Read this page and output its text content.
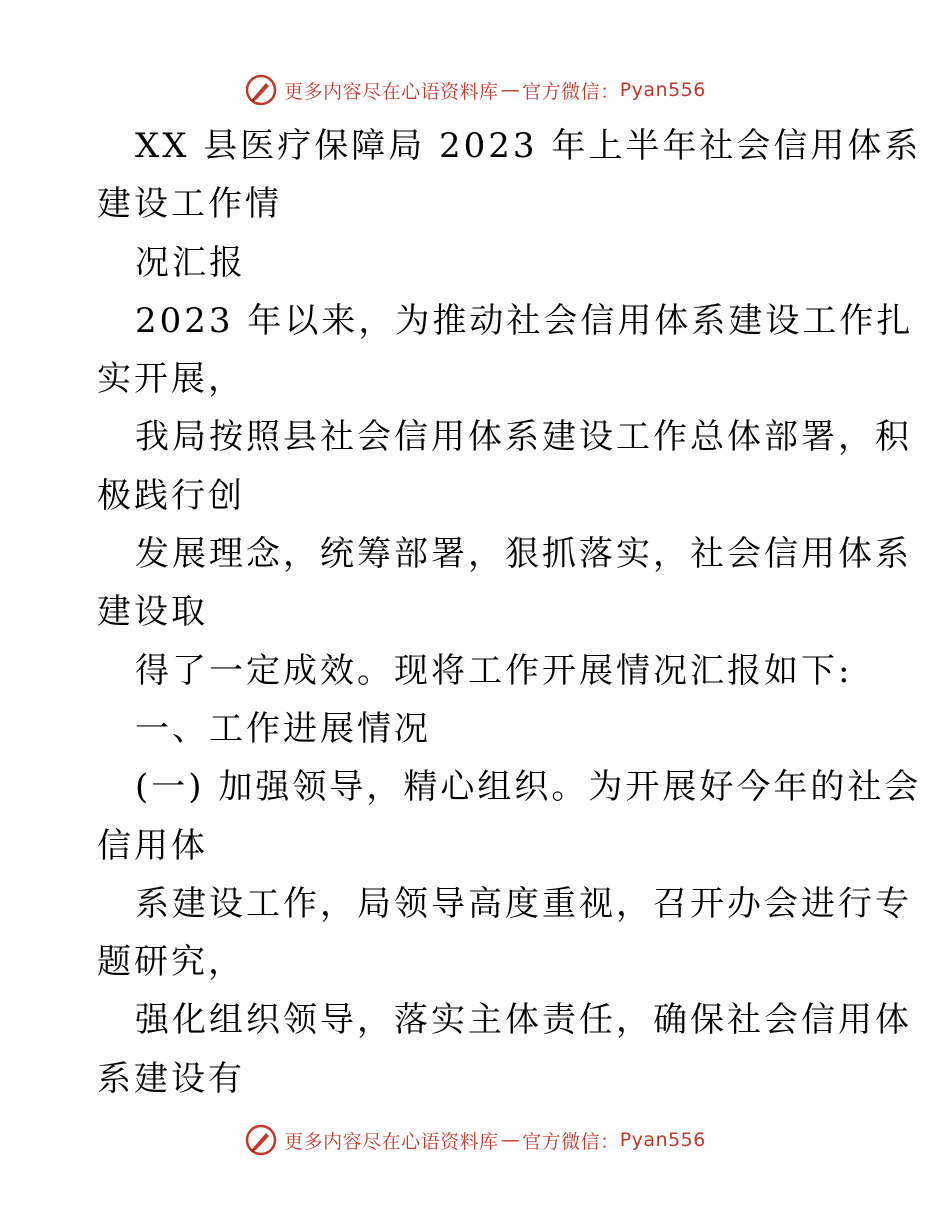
更多内容尽在心语资料库 — 官方微信： Pyan556
XX 县医疗保障局 2023 年上半年社会信用体系
建设工作情
况汇报
2023 年以来，为推动社会信用体系建设工作扎
实开展，
我局按照县社会信用体系建设工作总体部署，积
极践行创
发展理念，统筹部署，狠抓落实，社会信用体系
建设取
得了一定成效。现将工作开展情况汇报如下:
一、工作进展情况
(一) 加强领导，精心组织。为开展好今年的社会
信用体
系建设工作，局领导高度重视，召开办会进行专
题研究，
强化组织领导，落实主体责任，确保社会信用体
系建设有
更多内容尽在心语资料库 — 官方微信： Pyan556
